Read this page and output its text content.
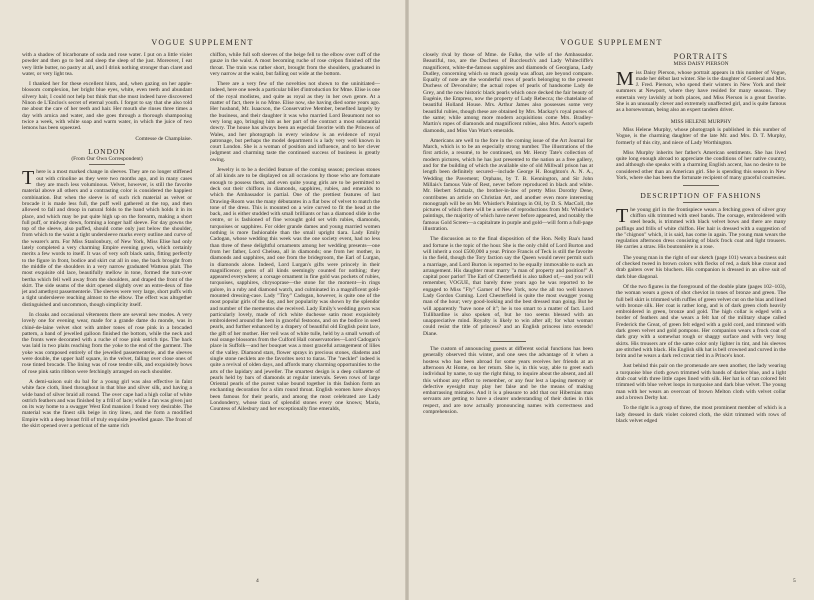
VOGUE SUPPLEMENT

with a shadow of bicarbonate of soda and rose water. I put on a little violet powder and then go to bed and sleep the sleep of the just. Moreover, I eat very little butter, no pastry at all, and I drink nothing stronger than claret and water, or very light tea.

I thanked her for these excellent hints, and, when gazing on her apple-blossom complexion, her bright blue eyes, white, even teeth and abundant silvery hair, I could not help but think that she must indeed have discovered Ninon de L'Enclos's secret of eternal youth. I forgot to say that she also told me about the care of her teeth and hair. Her mouth she rinses three times a day with arnica and water, and she goes through a thorough shampooing twice a week, with white soap and warm water, in which the juice of two lemons has been squeezed.

Comtesse de Champlaise.

LONDON
(From Our Own Correspondent)

There is a most marked change in sleeves. They are no longer stiffened out with crinoline as they were two months ago, and in many cases they are much less voluminous. Velvet, however, is still the favorite material above all others and a contrasting color is considered the happiest combination. But when the sleeve is of such rich material as velvet or brocade it is made less full, the puff well gathered at the top, and then allowed to fall and droop in natural folds to the band which holds it in its place, and which may be put quite high up on the forearm, making a short full puff, or midway down, forming a longer half sleeve. For day gowns the top of the sleeve, also puffed, should come only just below the shoulder, from which to the waist a tight undersleeve marks every outline and curve of the wearer's arm. For Miss Stanlonbury, of New York, Miss Elise had only lately completed a very charming Empire evening gown, which certainly merits a few words to itself. It was of very soft black satin, fitting perfectly to the figure in front, bodice and skirt cut all in one, the back brought from the middle of the shoulders in a very narrow graduated Watteau plait. The most exquisite old lace, beautifully mellow in tone, formed the turn-over bertha which fell well away from the shoulders, and draped the front of the skirt. The side seams of the skirt opened slightly over an entre-deux of fine jet and amethyst passementerie. The sleeves were very large, short puffs with a tight undersleeve reaching almost to the elbow. The effect was altogether distinguished and uncommon, though simplicity itself.

In cloaks and occasional vêtements there are several new modes. A very lovely one for evening wear, made for a grande dame du monde, was in chiné-de-laine velvet shot with amber tones of rose pink in a brocaded pattern, a band of jewelled galloon finished the bottom, while the neck and the fronts were decorated with a ruche of rose pink ostrich tips. The back was laid in two plaits reaching from the yoke to the end of the garment. The yoke was composed entirely of the jewelled passementerie, and the sleeves were double, the upper half square, in the velvet, falling over close ones of rose tinted brocade. The lining was of rose tendre silk, and exquisitely bows of rose pink satin ribbon were fetchingly arranged on each shoulder.

A demi-saison suit du bal for a young girl was also effective in faint white face cloth, lined throughout in that blue and silver silk, and having a wide band of silver braid all round. The over cape had a high collar of white ostrich feathers and was finished by a frill of lace; while a fan was given just on its way home to a swagger West End mansion I found very desirable. The material was the finest silk beige in tiny lines, and the form a modified Empire with a deep breast frill of truly exquisite jewelled gauze. The front of the skirt opened over a petticoat of the same rich

chiffon, while full soft sleeves of the beige fell to the elbow over cuff of the gauze in the waist. A most becoming ruche of rose crépon finished off the throat. The train was rather short, brought from the shoulders, graduated in very narrow at the waist, but falling out wide at the bottom.

There are a very few of the novelties not shown to the uninitiated—indeed, here one needs a particular billet d'introduction for Mme. Elise is one of the royal modistes, and quite as royal as they in her own genre. At a matter of fact, there is no Mme. Elise now, she having died some years ago. Her husband, Mr. Isaacson, the Conservative Member, benefited largely by the business, and their daughter it was who married Lord Beaumont not so very long ago, bringing him as her part of the contract a most substantial dowry. The house has always been an especial favorite with the Princess of Wales, and her photograph in every window is an evidence of royal patronage, but perhaps the model department is a lady very well known in court London. She is a woman of position and influence, and to her clever judgment and charming taste the continued success of business is greatly owing.

Jewelry is to be a decided feature of the coming season; precious stones of all kinds are to be displayed on all occasions by those who are fortunate enough to possess them, and even quite young girls are to be permitted to deck out their chiffons in diamonds, sapphires, rubies, and emeralds to which the Ambassador is partial. One of the prettiest features of last Drawing-Room was the many débutantes in a flat bow of velvet to match the tone of the dress. This is mounted on a wire curved to fit the head at the back, and is either studded with small brilliants or has a diamond slide in the centre, or is fashioned of fine wrought gold set with rubies, diamonds, turquoises or sapphires. For older grande dames and young married women nothing is more fashionable than the small upright tiara. Lady Emily Cadogan, whose wedding this week was the one society event, had no less than three of these delightful ornaments among her wedding presents—one from her father, Lord Chelsea, all in diamonds; one from her mother, in diamonds and sapphires, and one from the bridegroom, the Earl of Lurgan, in diamonds alone. Indeed, Lord Lurgan's gifts were princely in their magnificence; gems of all kinds seemingly counted for nothing; they appeared everywhere; a corsage ornament in fine gold was pockets of rubies, turquoises, sapphires, chrysoprase—the stone for the moment—in rings galore, in a ruby and diamond watch, and culminated in a magnificent gold-mounted dressing-case. Lady "Tiny" Cadogan, however, is quite one of the most popular girls of the day, and her popularity was shown by the splendor and number of the mementos she received. Lady Emily's wedding gown was particularly lovely, made of rich white duchesse satin most exquisitely embroidered around the hem in graceful festoons, and on the bodice in seed pearls, and further enhanced by a drapery of beautiful old English point lace, the gift of her mother. Her veil was of white tulle, held by a small wreath of real orange blossoms from the Culford Hall conservatories—Lord Cadogan's place in Suffolk—and her bouquet was a most graceful arrangement of lilies of the valley. Diamond stars, flower sprays in precious stones, diadems and single stone necklets are the favorites next to tiaras. The "necklet" indeed is quite a revival of olden days, and affords many charming opportunities to the arts of the lapidary and jeweller. The smartest design is a deep collarette of pearls held by bars of diamonds at regular intervals. Seven rows of large Oriental pearls of the purest value bound together in this fashion form an enchanting decoration for a slim round throat. English women have always been famous for their pearls, and among the most celebrated are Lady Londonderry, whose tiara of splendid stones every one knows; Maria, Countess of Ailesbury and her exceptionally fine emeralds,

4
VOGUE SUPPLEMENT

closely rival by those of Mme. de Falke, the wife of the Ambassador. Beautiful, too, are the Duchess of Buccleuch's and Lady Whitecliffe's magnificent, white-the-famous sapphires and diamonds of Georgiana, Lady Dudley, concerning which so much gossip was afloat, are beyond compare. Equally of note are the wonderful rows of pearls belonging to the present Duchess of Devonshire; the actual ropes of pearls of handsome Lady de Grey, and the now historic black pearls which once decked the fair beauty of Eugénie, the Empress, now the property of Lady Rebecca; the chatelaine of beautiful Holland House. Mrs. Arthur James also possesses some very beautiful rubies, though these are obtained by Mrs. Mackay's royal purses of the same; while among more modern acquisitions come Mrs. Bradley-Martin's ropes of diamonds and magnificent rubies, also Mrs. Astor's superb diamonds, and Miss Van Wart's emeralds.

Americans are well to the fore in the coming issue of the Art Journal for March, which is to be an especially strong number. The illustrations of the first article, a resumé, to be continued, on Mr. Henry Tate's collection of modern pictures, which he has just presented to the nation as a free gallery, and for the building of which the available site of old Millwall prison has at length been definitely secured—include George H. Boughton's A. N. A., Wedding the Pavement; Orphans, by T. B. Kennington, and Sir John Millais's famous Vale of Rest, never before reproduced in black and white. Mr. Herbert Schmalz, the brother-in-law of pretty Miss Dorothy Dene, contributes an article on Christian Art, and another even more interesting monograph will be on Mr. Whistler's Paintings in Oil, by D. S. MacColl, the pictures of which there will be a series of reproductions from Mr. Whistler's paintings, the majority of which have never before appeared, and notably the famous Gold Screen—a capitalrate in purple and gold—will form a full-page illustration.

The discussion as to the final disposition of the Hon. Nelly Baa's hand and fortune is the topic of the hour. She is the only child of Lord Burton and will inherit a cool £500,000 a year. Prince Francis of Teck is still the favorite in the field, though the Tory faction say the Queen would never permit such a marriage, and Lord Burton is reported to be equally immovable to such an arrangement. His daughter must marry "a man of property and position!" A capital poor parlor! The Earl of Chesterfield is also talked of,—and you will remember, VOGUE, that barely three years ago he was reported to be engaged to Miss "Fly" Garner of New York, now the all too well known Lady Gordon Cuming. Lord Chesterfield is quite the most swagger young man of the hour; very good-looking and the best dressed man going. But he will apparently "have none of it"; he is too smart to a matter of fact. Lord Tullibardine is also spoken of, but he too seems blessed with an unappreciative mind. Royalty is likely to win after all; for what woman could resist the title of princess? and an English princess into extends! Diane.

The custom of announcing guests at different social functions has been generally observed this winter, and one sees the advantage of it when a hostess who has been abroad for some years receives her friends at an afternoon At Home, on her return. She is, in this way, able to greet each individual by name, to say the right thing, to inquire about the absent, and all this without any effort to remember, or any fear lest a lapsing memory or defective eyesight may play her false and be the means of making embarrassing mistakes. And it is a pleasure to add that our Hibernian man servants are getting to have a clearer understanding of their duties in this respect, and are now actually pronouncing names with correctness and comprehension.

PORTRAITS
MISS DAISY PIERSON

Miss Daisy Pierson, whose portrait appears in this number of Vogue, made her début last winter. She is the daughter of General and Mrs. J. Fred. Pierson, who spend their winters in New York and their summers at Newport, where they have resided for many seasons. They entertain very lavishly at both places, and Miss Pierson is a great favorite. She is an unusually clever and extremely unaffected girl, and is quite famous as a horsewoman, being also an expert tandem driver.

MISS HELENE MURPHY

Miss Helene Murphy, whose photograph is published in this number of Vogue, is the charming daughter of the late Mr. and Mrs. D. T. Murphy, formerly of this city, and niece of Lady Worthington.

Miss Murphy inherits her father's American sentiments. She has lived quite long enough abroad to appreciate the conditions of her native country, and although she speaks with a charming English accent, has no desire to be considered other than an American girl. She is spending this season in New York, where she has been the fortunate recipient of many graceful courtesies.

DESCRIPTION OF FASHIONS

The young girl in the frontispiece wears a fetching gown of silver gray chiffon silk trimmed with steel bands. The corsage, embroidered with steel beads, is trimmed with black velvet bows and there are many puffings and frills of white chiffon. Her hair is dressed with a suggestion of the "chignon" which, it is said, has come in again. The young man wears the regulation afternoon dress consisting of black frock coat and light trousers. He carries a straw. His boutonnière is a rose.

The young man in the right of our sketch (page 101) wears a business suit of checked tweed in brown colors with flecks of red, a dark blue cravat and drab gaiters over his bluchers. His companion is dressed in an olive suit of dark blue diagonal.

Of the two figures in the foreground of the double plate (pages 102–103), the woman wears a gown of shot cheviot in tones of bronze and green. The full bell skirt is trimmed with ruffles of green velvet cut on the bias and lined with bronze silk. Her coat is rather long, and is of dark green cloth heavily embroidered in green, bronze and gold. The high collar is edged with a border of feathers and she wears a felt hat of the military shape called Frederick the Great, of green felt edged with a gold cord, and trimmed with dark green velvet and gold pompons. Her companion wears a frock coat of dark gray with a somewhat rough or shaggy surface and with very long skirts. His trousers are of the same color only lighter in tint, and his sleeves are stitched with black. His English silk hat is bell crowned and curved in the brim and he wears a dark red cravat tied in a Prince's knot.

Just behind this pair on the promenade are seen another, the lady wearing a turquoise blue cloth gown trimmed with bands of darker blue, and a light drab coat with three little capes lined with silk. Her hat is of tan colored felt trimmed with blue velvet loops in turquoise and dark blue velvet. The young man with her wears an overcoat of brown Melton cloth with velvet collar and a brown Derby hat.

To the right is a group of three, the most prominent member of which is a lady dressed in dark violet colored cloth, the skirt trimmed with rows of black velvet edged

5
